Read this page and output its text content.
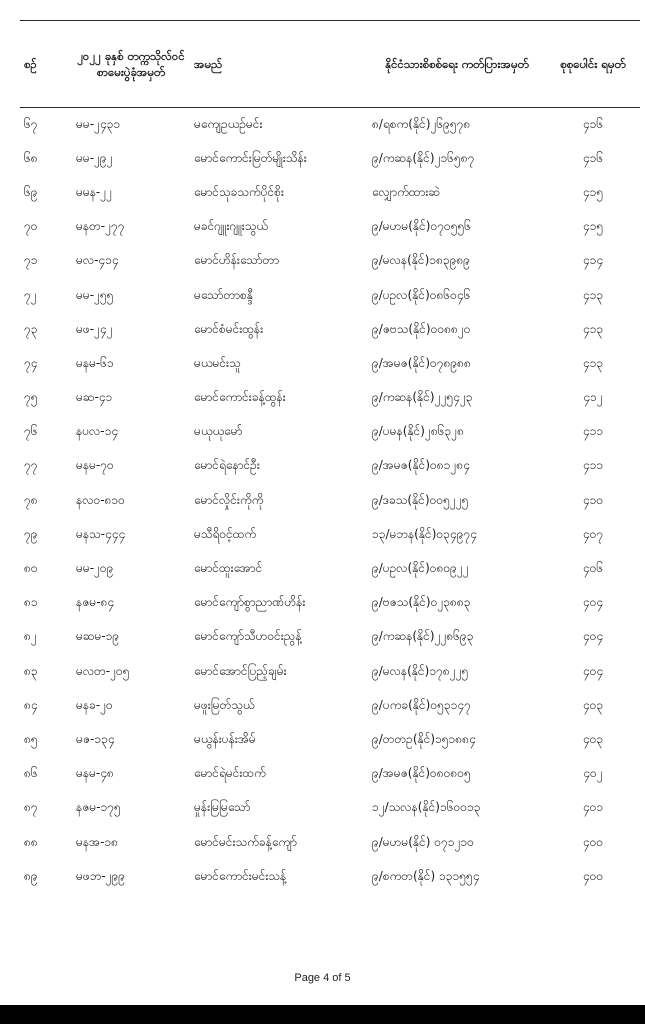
စဉ်	၂၀၂၂ ခုနှစ် တက္ကသိုလ်ဝင် စာမေးပွဲခုံအမှတ်	အမည်	နိုင်ငံသားစိစစ်ရေး ကတ်ပြားအမှတ်	စုစုပေါင်း ရမှတ်
၆၇	မမ-၂၄၃၁	မကျေဥယဉ်မင်း	၈/ရစက(နိုင်)၂၆၉၅၇၈	၄၁၆
၆၈	မမ-၂၉၂	မောင်ကောင်းမြတ်မျိုးသိန်း	၉/ကဆန(နိုင်)၂၁၆၅၈၇	၄၁၆
၆၉	မမန-၂၂	မောင်သုခသက်ပိုင်စိုး	လျှောက်ထားဆဲ	၄၁၅
၇၀	မနတ-၂၇၇	မခင်ဂျူးဂျူးသွယ်	၉/မဟမ(နိုင်)၀၇၀၅၅၆	၄၁၅
၇၁	မလ-၄၁၄	မောင်ဟိန်းသော်တာ	၉/မလန(နိုင်)၁၈၃၉၈၉	၄၁၄
၇၂	မမ-၂၅၅	မသော်တာစန္ဒီ	၉/ပဥလ(နိုင်)၀၈၆၀၄၆	၄၁၃
၇၃	မဖ-၂၄၂	မောင်စံမင်းထွန်း	၉/ဇဗသ(နိုင်)၀၀၈၈၂၀	၄၁၃
၇၄	မနမ-၆၁	မယမင်းသူ	၉/အမဇ(နိုင်)၀၇၈၉၈၈	၄၁၃
၇၅	မဆ-၄၁	မောင်ကောင်းခန့်ထွန်း	၉/ကဆန(နိုင်)၂၂၅၄၂၃	၄၁၂
၇၆	နပလ-၁၄	မယုယုမော်	၉/ပမန(နိုင်)၂၈၆၃၂၈	၄၁၁
၇၇	မနမ-၇၀	မောင်ရဲနောင်ဦး	၉/အမဇ(နိုင်)၀၈၁၂၈၄	၄၁၁
၇၈	နလဝ-၈၁၀	မောင်လှိုင်းကိုကို	၉/ဒခသ(နိုင်)၀၀၅၂၂၅	၄၁၀
၇၉	မနသ-၄၄၄	မသီရိဝင့်ထက်	၁၃/မဘန(နိုင်)၀၃၄၉၇၄	၄၀၇
၈၀	မမ-၂၀၉	မောင်ထူးအောင်	၉/ပဥလ(နိုင်)၀၈၀၉၂၂	၄၀၆
၈၁	နဇမ-၈၄	မောင်ကျော်စွာညာဏ်ဟိန်း	၉/ဗဇသ(နိုင်)၀၂၃၈၈၃	၄၀၄
၈၂	မဆမ-၁၉	မောင်ကျော်သီဟဝင်းညွန့်	၉/ကဆန(နိုင်)၂၂၈၆၉၃	၄၀၄
၈၃	မလတ-၂၀၅	မောင်အောင်ပြည့်ချမ်း	၉/မလန(နိုင်)၁၇၈၂၂၅	၄၀၄
၈၄	မနခ-၂၀	မဖူးမြတ်သွယ်	၉/ပကခ(နိုင်)၀၅၃၁၄၇	၄၀၃
၈၅	မဇ-၁၃၄	မယွန်းပန်းအိမ်	၉/တတဥ(နိုင်)၁၅၁၈၈၄	၄၀၃
၈၆	မနမ-၄၈	မောင်ရဲမင်းထက်	၉/အမဇ(နိုင်)၀၈၀၈၀၅	၄၀၂
၈၇	နဇမ-၁၇၅	မှုန်းမြမြသော်	၁၂/သလန(နိုင်)၁၆၀၀၁၃	၄၀၁
၈၈	မနအ-၁၈	မောင်မင်းသက်ခန့်ကျော်	၉/မဟမ(နိုင်) ၀၇၁၂၁၀	၄၀၀
၈၉	မဖဘ-၂၉၉	မောင်ကောင်းမင်းသန့်	၉/စကတ(နိုင်) ၁၃၁၅၅၄	၄၀၀
Page 4 of 5
